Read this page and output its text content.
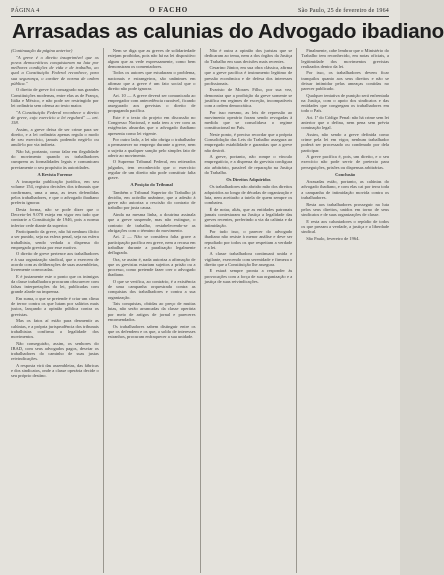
PÁGINA 4	O FACHO	São Paulo, 25 de fevereiro de 1964
Arrasadas as calunias do Advogado ibadiano

(Continuação da página anterior)

"A greve é o direito insuprimível que os povos democráticos conquistaram na luta por melhores condições de vida e de trabalho, ao qual a Constituição Federal reconhece, para sua segurança, o caráter de norma de ordem pública."

O direito de greve foi consagrado nas grandes Constituições modernas, entre elas as de França, Itália e México, e não pode ser restringido por lei ordinária sem ofensa ao texto maior.

"A Constituição Federal reconhece o direito de greve, cujo exercício a lei regulará" — art. 158.

Assim, a greve deixa de ser crime para ser direito, e a lei ordinária apenas regula o modo de seu exercício, jamais podendo negá-lo ou anulá-lo por via indireta.

Não há, portanto, como falar em ilegalidade do movimento quando os trabalhadores cumprem as formalidades legais e comunicam previamente o seu propósito às autoridades.

A Revista Forense

A insuspeita publicação jurídica, em seu volume 154, registra decisões dos tribunais que confirmam, uma a uma, as teses defendidas pelos trabalhadores, e que o advogado ibadiano preferiu ignorar.

Desta forma, não se pode dizer que o Decreto-lei 9.070 esteja em vigor em tudo que contrarie a Constituição de 1946, pois a norma inferior cede diante da superior.

Participando da greve, não há nenhum ilícito a ser punido, seja na esfera penal, seja na esfera trabalhista, sendo vedada a dispensa do empregado grevista por esse motivo.

O direito de greve pertence aos trabalhadores e à sua organização sindical, que o exercem de acordo com as deliberações de suas assembleias, livremente convocadas.

E é justamente este o ponto que os inimigos da classe trabalhadora procuram obscurecer com falsas interpretações da lei, publicadas com grande alarde na imprensa.

Em suma, o que se pretende é criar um clima de terror contra os que lutam por salários mais justos, lançando a opinião pública contra os grevistas.

Mas os fatos aí estão para desmentir as calúnias, e a própria jurisprudência dos tribunais trabalhistas confirma a legalidade dos movimentos.

Não conseguirão, assim, os senhores do IBAD, com seus advogados pagos, desviar os trabalhadores do caminho de suas justas reivindicações.

A resposta virá das assembleias, das fábricas e dos sindicatos, onde a classe operária decide o seu próprio destino.

Nem se diga que as greves de solidariedade estejam proibidas, pois não há na lei dispositivo algum que as vede expressamente, como bem demonstram os comentadores.

Todos os autores que estudaram o problema, nacionais e estrangeiros, são unânimes em afirmar que a greve é um fato social que o direito não pode ignorar.

Art. 10 — A greve deverá ser comunicada ao empregador com antecedência razoável, ficando assegurado aos grevistas o direito de propaganda pacífica.

Este é o texto do projeto em discussão no Congresso Nacional, e nada tem a ver com as exigências absurdas que o advogado ibadiano apresenta como lei vigente.

Por outro lado, a lei não obriga o trabalhador a permanecer no emprego durante a greve, nem o sujeita a qualquer sanção pelo simples fato de aderir ao movimento.

O Supremo Tribunal Federal, em reiterados julgados, tem reconhecido que o exercício regular de um direito não pode constituir falta grave.

A Posição do Tribunal

Também o Tribunal Superior do Trabalho já decidiu, em acórdão unânime, que a adesão à greve não autoriza a rescisão do contrato de trabalho por justa causa.

Ainda na mesma linha, a doutrina assinala que a greve suspende, mas não extingue, o contrato de trabalho, restabelecendo-se as obrigações com o término do movimento.

Art. 2 — Não se considera falta grave a participação pacífica em greve, nem a recusa em trabalhar durante a paralisação legalmente deflagrada.

Ora, se assim é, nada autoriza a afirmação de que os grevistas estariam sujeitos a prisão ou a processo, como pretende fazer crer o advogado ibadiano.

O que se verifica, ao contrário, é a existência de uma campanha orquestrada contra as conquistas dos trabalhadores e contra a sua organização.

Tais conquistas, obtidas ao preço de muitas lutas, não serão arrancadas da classe operária por meio de artigos de jornal e pareceres encomendados.

Os trabalhadores sabem distinguir entre os que os defendem e os que, a soldo de interesses estranhos, procuram enfraquecer a sua unidade.

Não é outra a opinião dos juristas que se dedicaram ao tema, nem a dos órgãos da Justiça do Trabalho em suas decisões mais recentes.

Cesarino Júnior, em sua obra clássica, afirma que a greve pacífica é instrumento legítimo de pressão econômica e de defesa dos interesses profissionais.

Evaristo de Moraes Filho, por sua vez, demonstra que a proibição da greve somente se justifica em regimes de exceção, incompatíveis com a ordem democrática.

Por isso mesmo, as leis de repressão ao movimento operário foram sendo revogadas à medida que se consolidava o regime constitucional no País.

Neste ponto, é preciso recordar que a própria Consolidação das Leis do Trabalho assegura ao empregado estabilidade e garantias que a greve não destrói.

A greve, portanto, não rompe o vínculo empregatício, e a dispensa do grevista configura ato arbitrário, passível de reparação na Justiça do Trabalho.

Os Direitos Adquiridos

Os trabalhadores não abrirão mão dos direitos adquiridos ao longo de décadas de organização e luta, nem aceitarão a tutela de quem sempre os combateu.

É de notar, aliás, que as entidades patronais jamais contestaram na Justiça a legalidade das greves recentes, preferindo a via da calúnia e da intimidação.

Por tudo isso, o parecer do advogado ibadiano não resiste à menor análise e deve ser repudiado por todos os que respeitam a verdade e a lei.

A classe trabalhadora continuará unida e vigilante, exercendo com serenidade e firmeza o direito que a Constituição lhe assegura.

E estará sempre pronta a responder às provocações com a força de sua organização e a justiça de suas reivindicações.

Finalmente, cabe lembrar que o Ministério do Trabalho tem reconhecido, em notas oficiais, a legitimidade dos movimentos grevistas realizados dentro da lei.

Por isso, os trabalhadores devem ficar tranquilos quanto aos seus direitos e não se deixar intimidar pelas ameaças contidas no parecer publicado.

Qualquer tentativa de punição será enfrentada na Justiça, com o apoio dos sindicatos e das entidades que congregam os trabalhadores em todo o País.

Art. 1º do Código Penal: não há crime sem lei anterior que o defina, nem pena sem prévia cominação legal.

Assim, não sendo a greve definida como crime pela lei em vigor, nenhum trabalhador poderá ser processado ou condenado por dela participar.

A greve pacífica é, pois, um direito, e o seu exercício não pode servir de pretexto para perseguições, prisões ou dispensas arbitrárias.

Conclusão

Arrasadas estão, portanto, as calúnias do advogado ibadiano, e com elas cai por terra toda a campanha de intimidação movida contra os trabalhadores.

Resta aos trabalhadores prosseguir na luta pelos seus direitos, unidos em torno de seus sindicatos e de suas organizações de classe.

E resta aos caluniadores o repúdio de todos os que prezam a verdade, a justiça e a liberdade sindical.

São Paulo, fevereiro de 1964.
